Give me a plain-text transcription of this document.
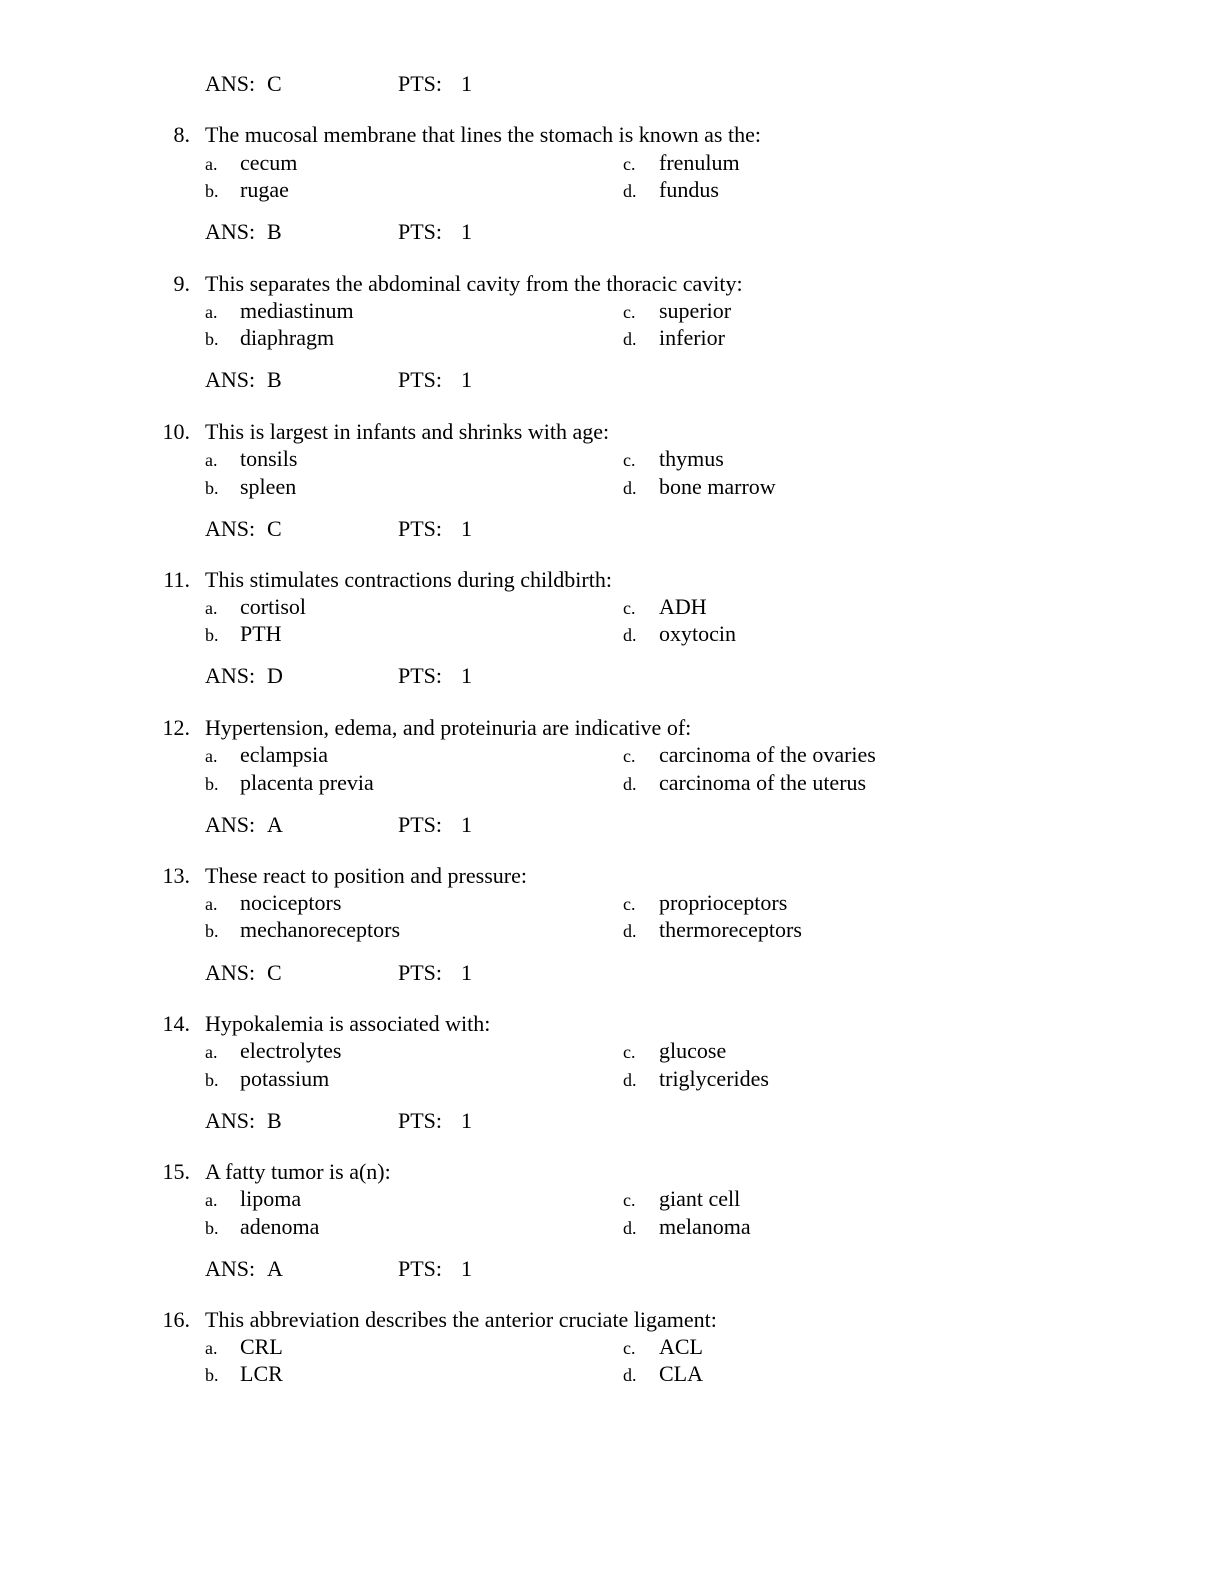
ANS: C	PTS: 1
8. The mucosal membrane that lines the stomach is known as the:
a. cecum
b. rugae
c. frenulum
d. fundus
ANS: B	PTS: 1
9. This separates the abdominal cavity from the thoracic cavity:
a. mediastinum
b. diaphragm
c. superior
d. inferior
ANS: B	PTS: 1
10. This is largest in infants and shrinks with age:
a. tonsils
b. spleen
c. thymus
d. bone marrow
ANS: C	PTS: 1
11. This stimulates contractions during childbirth:
a. cortisol
b. PTH
c. ADH
d. oxytocin
ANS: D	PTS: 1
12. Hypertension, edema, and proteinuria are indicative of:
a. eclampsia
b. placenta previa
c. carcinoma of the ovaries
d. carcinoma of the uterus
ANS: A	PTS: 1
13. These react to position and pressure:
a. nociceptors
b. mechanoreceptors
c. proprioceptors
d. thermoreceptors
ANS: C	PTS: 1
14. Hypokalemia is associated with:
a. electrolytes
b. potassium
c. glucose
d. triglycerides
ANS: B	PTS: 1
15. A fatty tumor is a(n):
a. lipoma
b. adenoma
c. giant cell
d. melanoma
ANS: A	PTS: 1
16. This abbreviation describes the anterior cruciate ligament:
a. CRL
b. LCR
c. ACL
d. CLA
